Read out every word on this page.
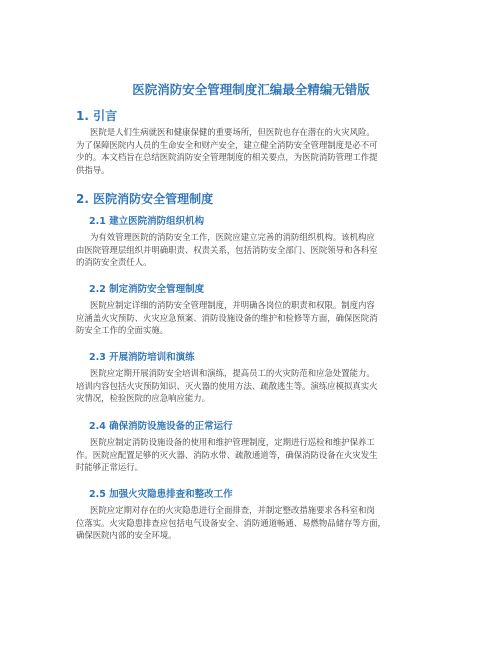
医院消防安全管理制度汇编最全精编无错版
1. 引言
医院是人们生病就医和健康保健的重要场所，但医院也存在潜在的火灾风险。
为了保障医院内人员的生命安全和财产安全，建立健全消防安全管理制度是必不可
少的。本文档旨在总结医院消防安全管理制度的相关要点，为医院消防管理工作提
供指导。
2. 医院消防安全管理制度
2.1 建立医院消防组织机构
为有效管理医院的消防安全工作，医院应建立完善的消防组织机构。该机构应
由医院管理层组织并明确职责、权责关系，包括消防安全部门、医院领导和各科室
的消防安全责任人。
2.2 制定消防安全管理制度
医院应制定详细的消防安全管理制度，并明确各岗位的职责和权限。制度内容
应涵盖火灾预防、火灾应急预案、消防设施设备的维护和检修等方面，确保医院消
防安全工作的全面实施。
2.3 开展消防培训和演练
医院应定期开展消防安全培训和演练，提高员工的火灾防范和应急处置能力。
培训内容包括火灾预防知识、灭火器的使用方法、疏散逃生等。演练应模拟真实火
灾情况，检验医院的应急响应能力。
2.4 确保消防设施设备的正常运行
医院应制定消防设施设备的使用和维护管理制度，定期进行巡检和维护保养工
作。医院应配置足够的灭火器、消防水带、疏散通道等，确保消防设备在火灾发生
时能够正常运行。
2.5 加强火灾隐患排查和整改工作
医院应定期对存在的火灾隐患进行全面排查，并制定整改措施要求各科室和岗
位落实。火灾隐患排查应包括电气设备安全、消防通道畅通、易燃物品储存等方面，
确保医院内部的安全环境。
